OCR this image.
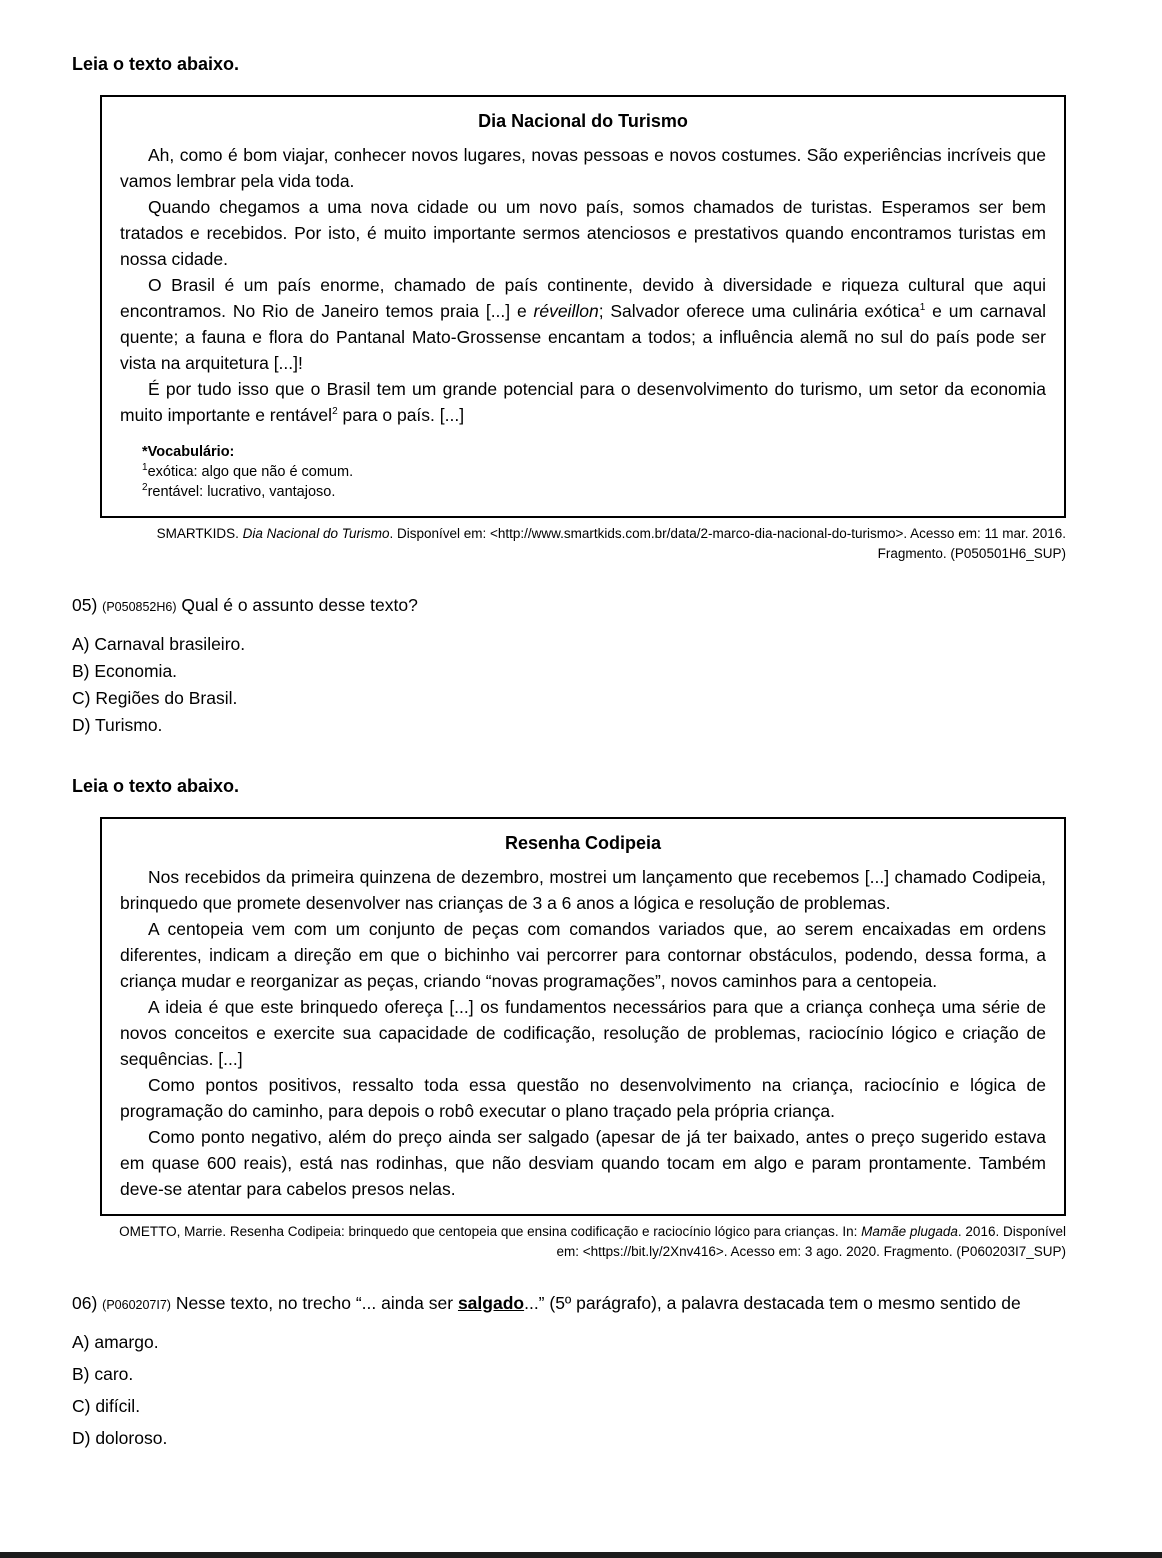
Leia o texto abaixo.

Dia Nacional do Turismo

Ah, como é bom viajar, conhecer novos lugares, novas pessoas e novos costumes. São experiências incríveis que vamos lembrar pela vida toda.

Quando chegamos a uma nova cidade ou um novo país, somos chamados de turistas. Esperamos ser bem tratados e recebidos. Por isto, é muito importante sermos atenciosos e prestativos quando encontramos turistas em nossa cidade.

O Brasil é um país enorme, chamado de país continente, devido à diversidade e riqueza cultural que aqui encontramos. No Rio de Janeiro temos praia [...] e réveillon; Salvador oferece uma culinária exótica$^1$ e um carnaval quente; a fauna e flora do Pantanal Mato-Grossense encantam a todos; a influência alemã no sul do país pode ser vista na arquitetura [...]!

É por tudo isso que o Brasil tem um grande potencial para o desenvolvimento do turismo, um setor da economia muito importante e rentável$^2$ para o país. [...]

*Vocabulário:

$^1$exótica: algo que não é comum.

$^2$rentável: lucrativo, vantajoso.

SMARTKIDS. Dia Nacional do Turismo. Disponível em: <http://www.smartkids.com.br/data/2-marco-dia-nacional-do-turismo>. Acesso em: 11 mar. 2016. Fragmento. (P050501H6_SUP)

05) (P050852H6) Qual é o assunto desse texto?

A) Carnaval brasileiro.

B) Economia.

C) Regiões do Brasil.

D) Turismo.

Leia o texto abaixo.

Resenha Codipeia

Nos recebidos da primeira quinzena de dezembro, mostrei um lançamento que recebemos [...] chamado Codipeia, brinquedo que promete desenvolver nas crianças de 3 a 6 anos a lógica e resolução de problemas.

A centopeia vem com um conjunto de peças com comandos variados que, ao serem encaixadas em ordens diferentes, indicam a direção em que o bichinho vai percorrer para contornar obstáculos, podendo, dessa forma, a criança mudar e reorganizar as peças, criando “novas programações”, novos caminhos para a centopeia.

A ideia é que este brinquedo ofereça [...] os fundamentos necessários para que a criança conheça uma série de novos conceitos e exercite sua capacidade de codificação, resolução de problemas, raciocínio lógico e criação de sequências. [...]

Como pontos positivos, ressalto toda essa questão no desenvolvimento na criança, raciocínio e lógica de programação do caminho, para depois o robô executar o plano traçado pela própria criança.

Como ponto negativo, além do preço ainda ser salgado (apesar de já ter baixado, antes o preço sugerido estava em quase 600 reais), está nas rodinhas, que não desviam quando tocam em algo e param prontamente. Também deve-se atentar para cabelos presos nelas.

OMETTO, Marrie. Resenha Codipeia: brinquedo que centopeia que ensina codificação e raciocínio lógico para crianças. In: Mamãe plugada. 2016. Disponível em: <https://bit.ly/2Xnv416>. Acesso em: 3 ago. 2020. Fragmento. (P060203I7_SUP)

06) (P060207I7) Nesse texto, no trecho “... ainda ser salgado...” (5º parágrafo), a palavra destacada tem o mesmo sentido de

A) amargo.

B) caro.

C) difícil.

D) doloroso.
